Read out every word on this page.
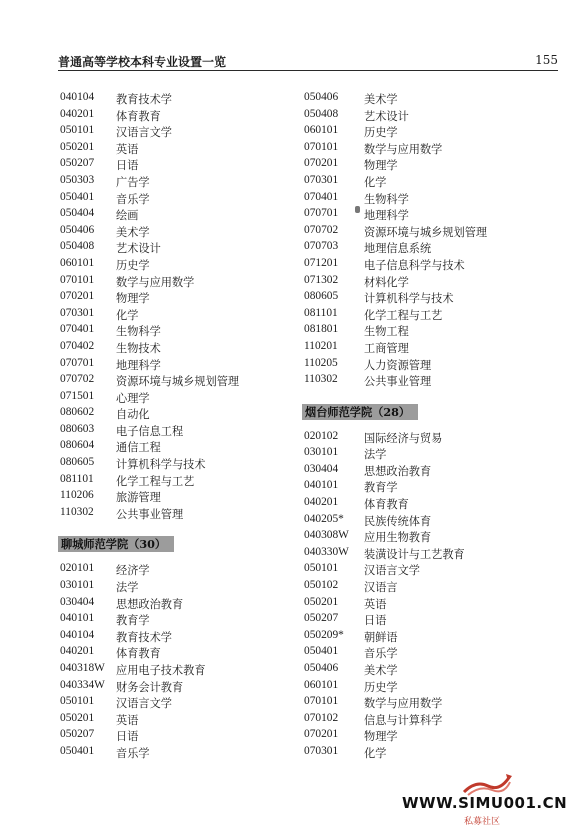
普通高等学校本科专业设置一览	155
040104 教育技术学
040201 体育教育
050101 汉语言文学
050201 英语
050207 日语
050303 广告学
050401 音乐学
050404 绘画
050406 美术学
050408 艺术设计
060101 历史学
070101 数学与应用数学
070201 物理学
070301 化学
070401 生物科学
070402 生物技术
070701 地理科学
070702 资源环境与城乡规划管理
071501 心理学
080602 自动化
080603 电子信息工程
080604 通信工程
080605 计算机科学与技术
081101 化学工程与工艺
110206 旅游管理
110302 公共事业管理
聊城师范学院（30）
020101 经济学
030101 法学
030404 思想政治教育
040101 教育学
040104 教育技术学
040201 体育教育
040318W 应用电子技术教育
040334W 财务会计教育
050101 汉语言文学
050201 英语
050207 日语
050401 音乐学
050406 美术学
050408 艺术设计
060101 历史学
070101 数学与应用数学
070201 物理学
070301 化学
070401 生物科学
070701 地理科学
070702 资源环境与城乡规划管理
070703 地理信息系统
071201 电子信息科学与技术
071302 材料化学
080605 计算机科学与技术
081101 化学工程与工艺
081801 生物工程
110201 工商管理
110205 人力资源管理
110302 公共事业管理
烟台师范学院（28）
020102 国际经济与贸易
030101 法学
030404 思想政治教育
040101 教育学
040201 体育教育
040205* 民族传统体育
040308W 应用生物教育
040330W 装潢设计与工艺教育
050101 汉语言文学
050102 汉语言
050201 英语
050207 日语
050209* 朝鲜语
050401 音乐学
050406 美术学
060101 历史学
070101 数学与应用数学
070102 信息与计算科学
070201 物理学
070301 化学
WWW.SIMU001.CN
私募社区
